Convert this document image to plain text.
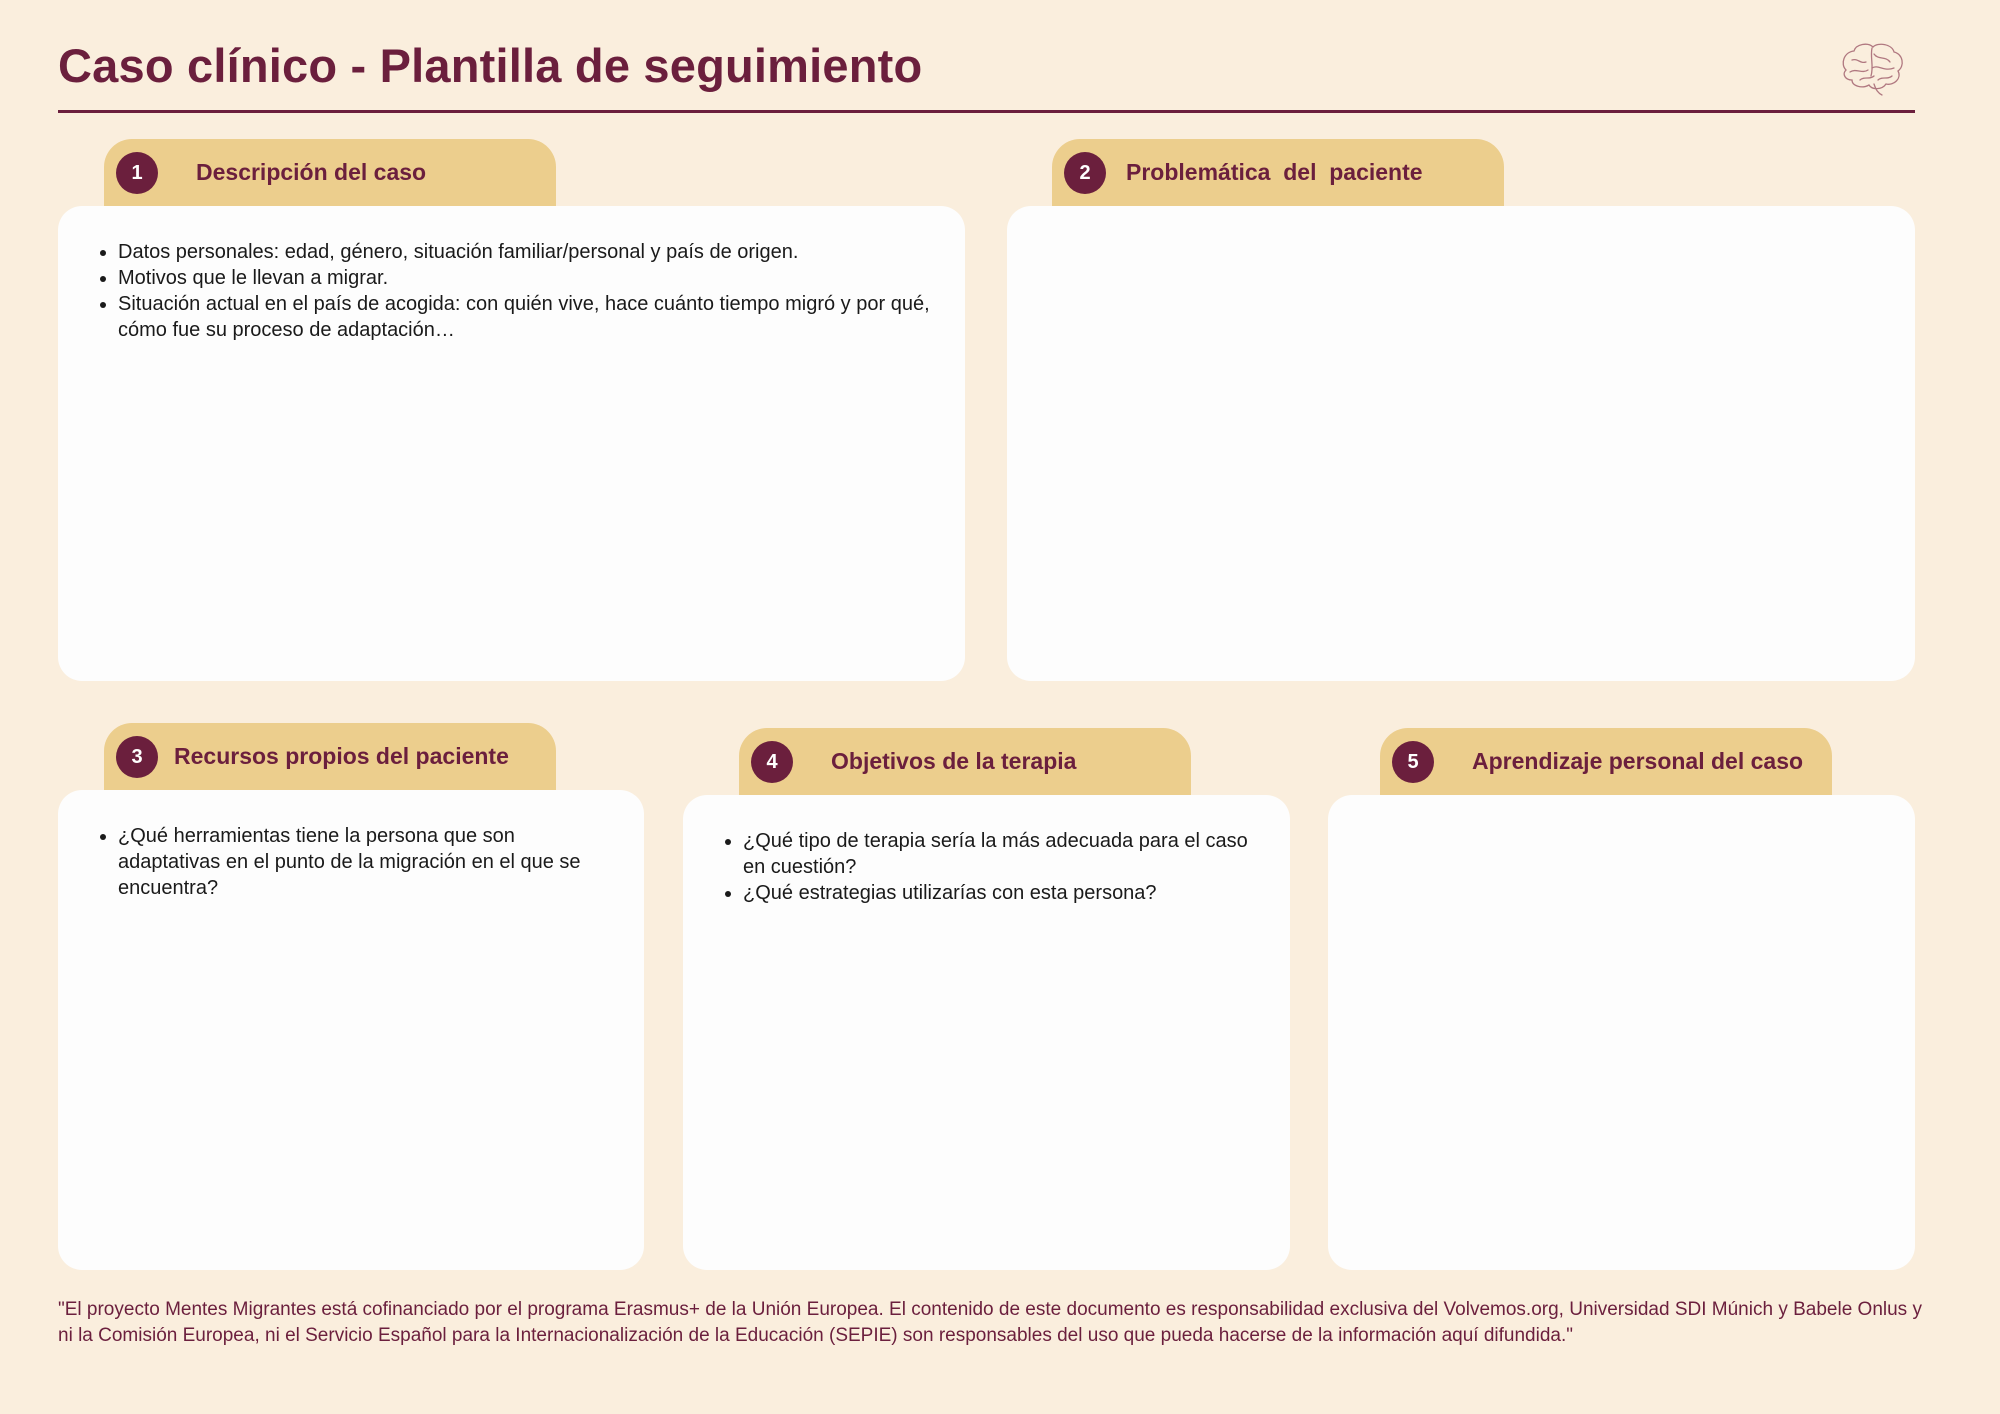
Caso clínico - Plantilla de seguimiento
1	Descripción del caso
• Datos personales: edad, género, situación familiar/personal y país de origen.
• Motivos que le llevan a migrar.
• Situación actual en el país de acogida: con quién vive, hace cuánto tiempo migró y por qué, cómo fue su proceso de adaptación…
2	Problemática  del  paciente
3	Recursos propios del paciente
• ¿Qué herramientas tiene la persona que son adaptativas en el punto de la migración en el que se encuentra?
4	Objetivos de la terapia
• ¿Qué tipo de terapia sería la más adecuada para el caso en cuestión?
• ¿Qué estrategias utilizarías con esta persona?
5	Aprendizaje personal del caso
"El proyecto Mentes Migrantes está cofinanciado por el programa Erasmus+ de la Unión Europea. El contenido de este documento es responsabilidad exclusiva del Volvemos.org, Universidad SDI Múnich y Babele Onlus y ni la Comisión Europea, ni el Servicio Español para la Internacionalización de la Educación (SEPIE) son responsables del uso que pueda hacerse de la información aquí difundida."
